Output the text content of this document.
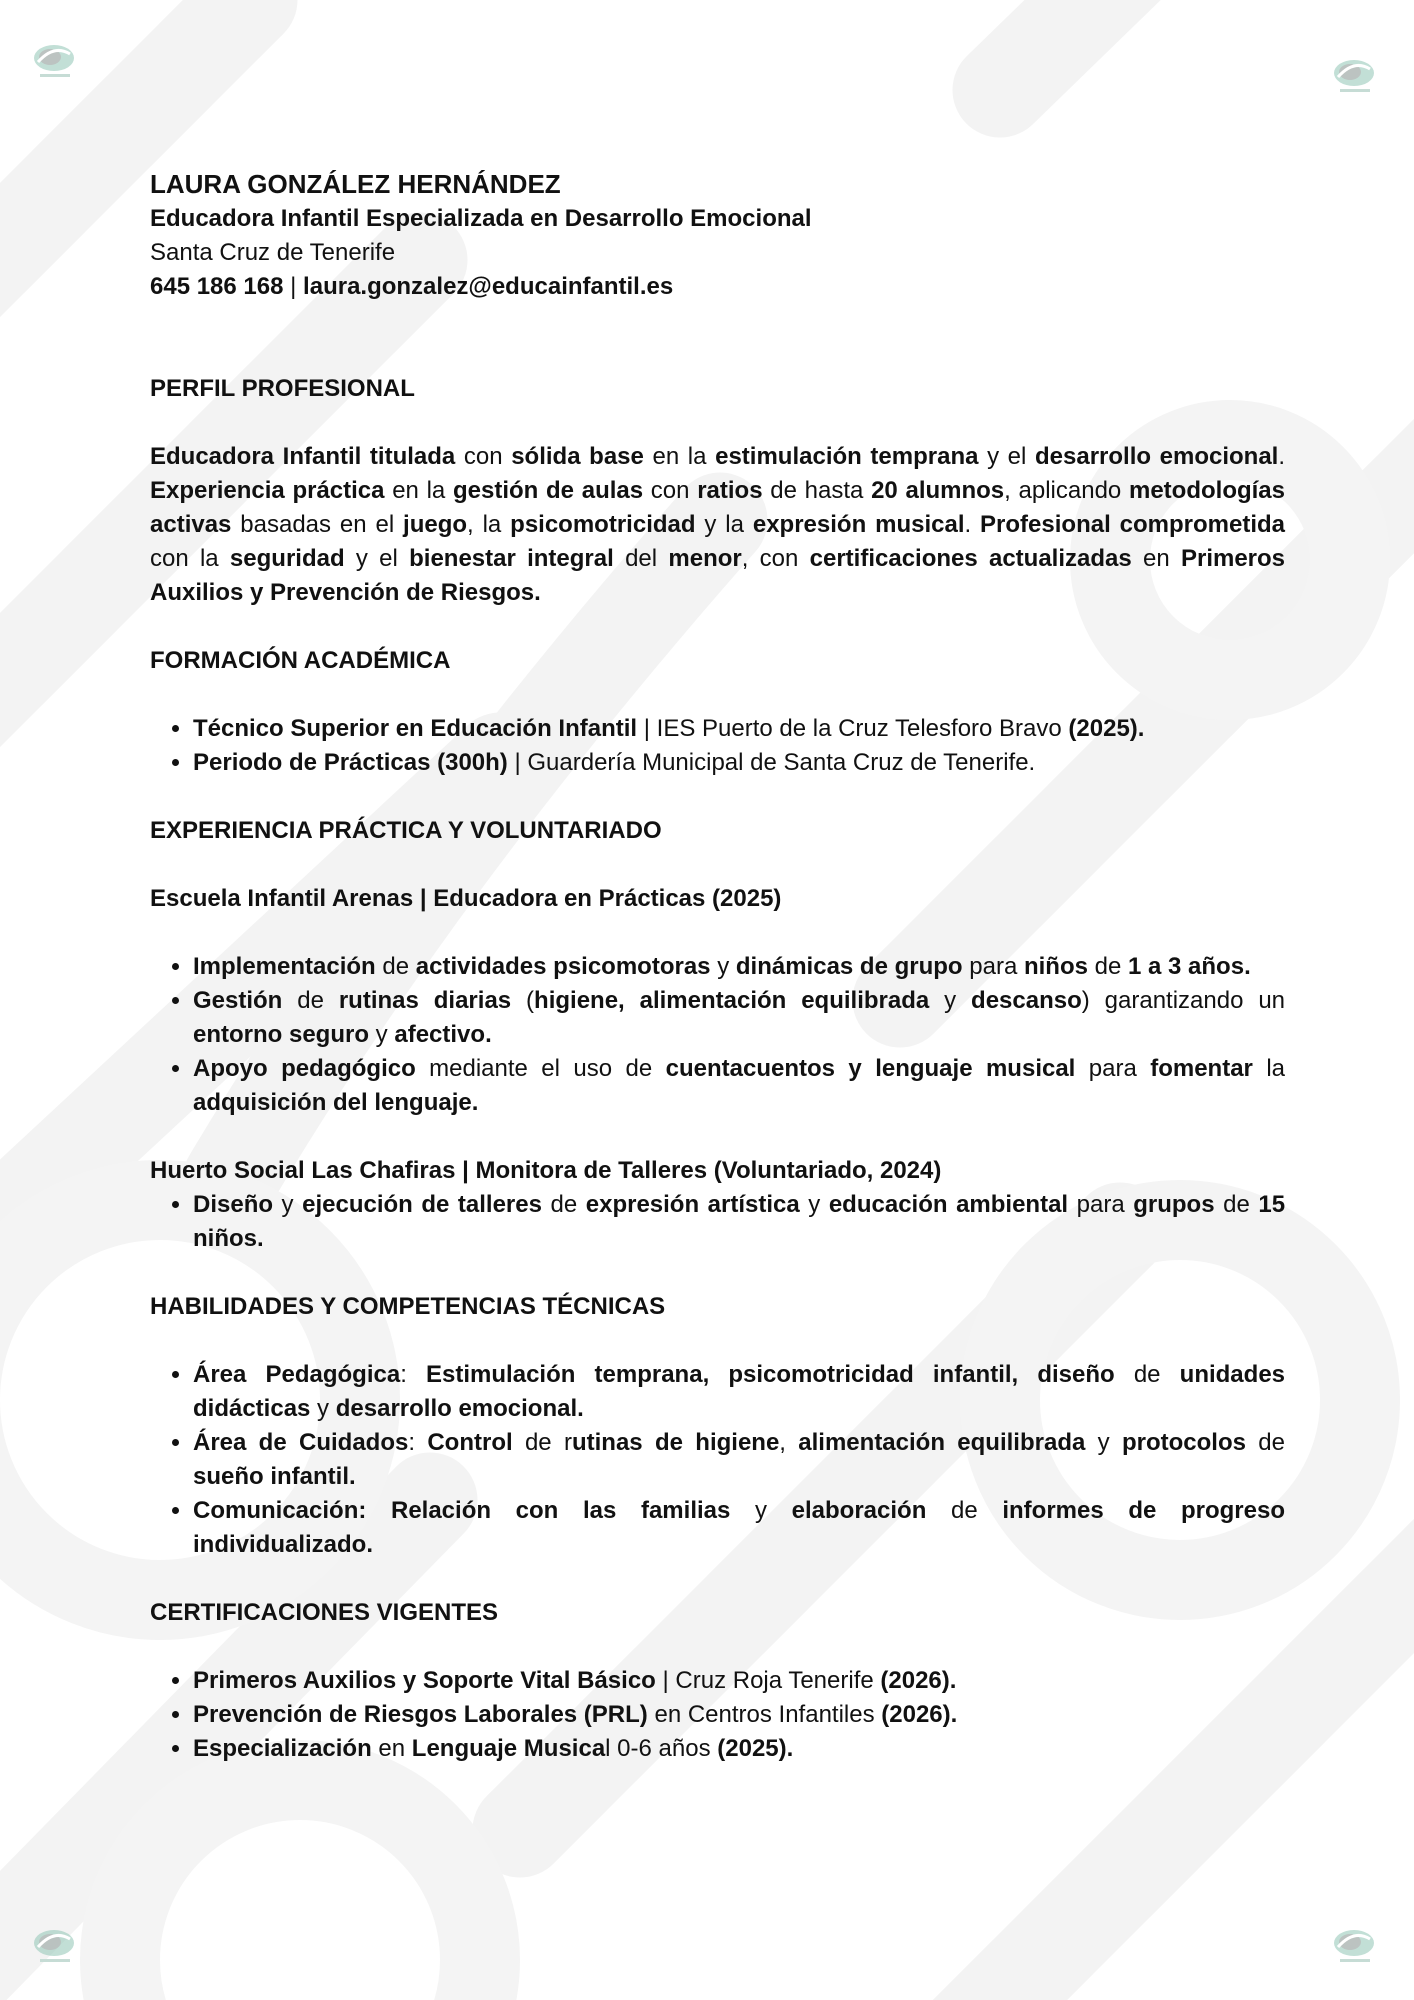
LAURA GONZÁLEZ HERNÁNDEZ

Educadora Infantil Especializada en Desarrollo Emocional

Santa Cruz de Tenerife

645 186 168 | laura.gonzalez@educainfantil.es

PERFIL PROFESIONAL

Educadora Infantil titulada con sólida base en la estimulación temprana y el desarrollo emocional. Experiencia práctica en la gestión de aulas con ratios de hasta 20 alumnos, aplicando metodologías activas basadas en el juego, la psicomotricidad y la expresión musical. Profesional comprometida con la seguridad y el bienestar integral del menor, con certificaciones actualizadas en Primeros Auxilios y Prevención de Riesgos.

FORMACIÓN ACADÉMICA

• Técnico Superior en Educación Infantil | IES Puerto de la Cruz Telesforo Bravo (2025).
• Periodo de Prácticas (300h) | Guardería Municipal de Santa Cruz de Tenerife.

EXPERIENCIA PRÁCTICA Y VOLUNTARIADO

Escuela Infantil Arenas | Educadora en Prácticas (2025)

• Implementación de actividades psicomotoras y dinámicas de grupo para niños de 1 a 3 años.
• Gestión de rutinas diarias (higiene, alimentación equilibrada y descanso) garantizando un entorno seguro y afectivo.
• Apoyo pedagógico mediante el uso de cuentacuentos y lenguaje musical para fomentar la adquisición del lenguaje.

Huerto Social Las Chafiras | Monitora de Talleres (Voluntariado, 2024)

• Diseño y ejecución de talleres de expresión artística y educación ambiental para grupos de 15 niños.

HABILIDADES Y COMPETENCIAS TÉCNICAS

• Área Pedagógica: Estimulación temprana, psicomotricidad infantil, diseño de unidades didácticas y desarrollo emocional.
• Área de Cuidados: Control de rutinas de higiene, alimentación equilibrada y protocolos de sueño infantil.
• Comunicación: Relación con las familias y elaboración de informes de progreso individualizado.

CERTIFICACIONES VIGENTES

• Primeros Auxilios y Soporte Vital Básico | Cruz Roja Tenerife (2026).
• Prevención de Riesgos Laborales (PRL) en Centros Infantiles (2026).
• Especialización en Lenguaje Musical 0-6 años (2025).
